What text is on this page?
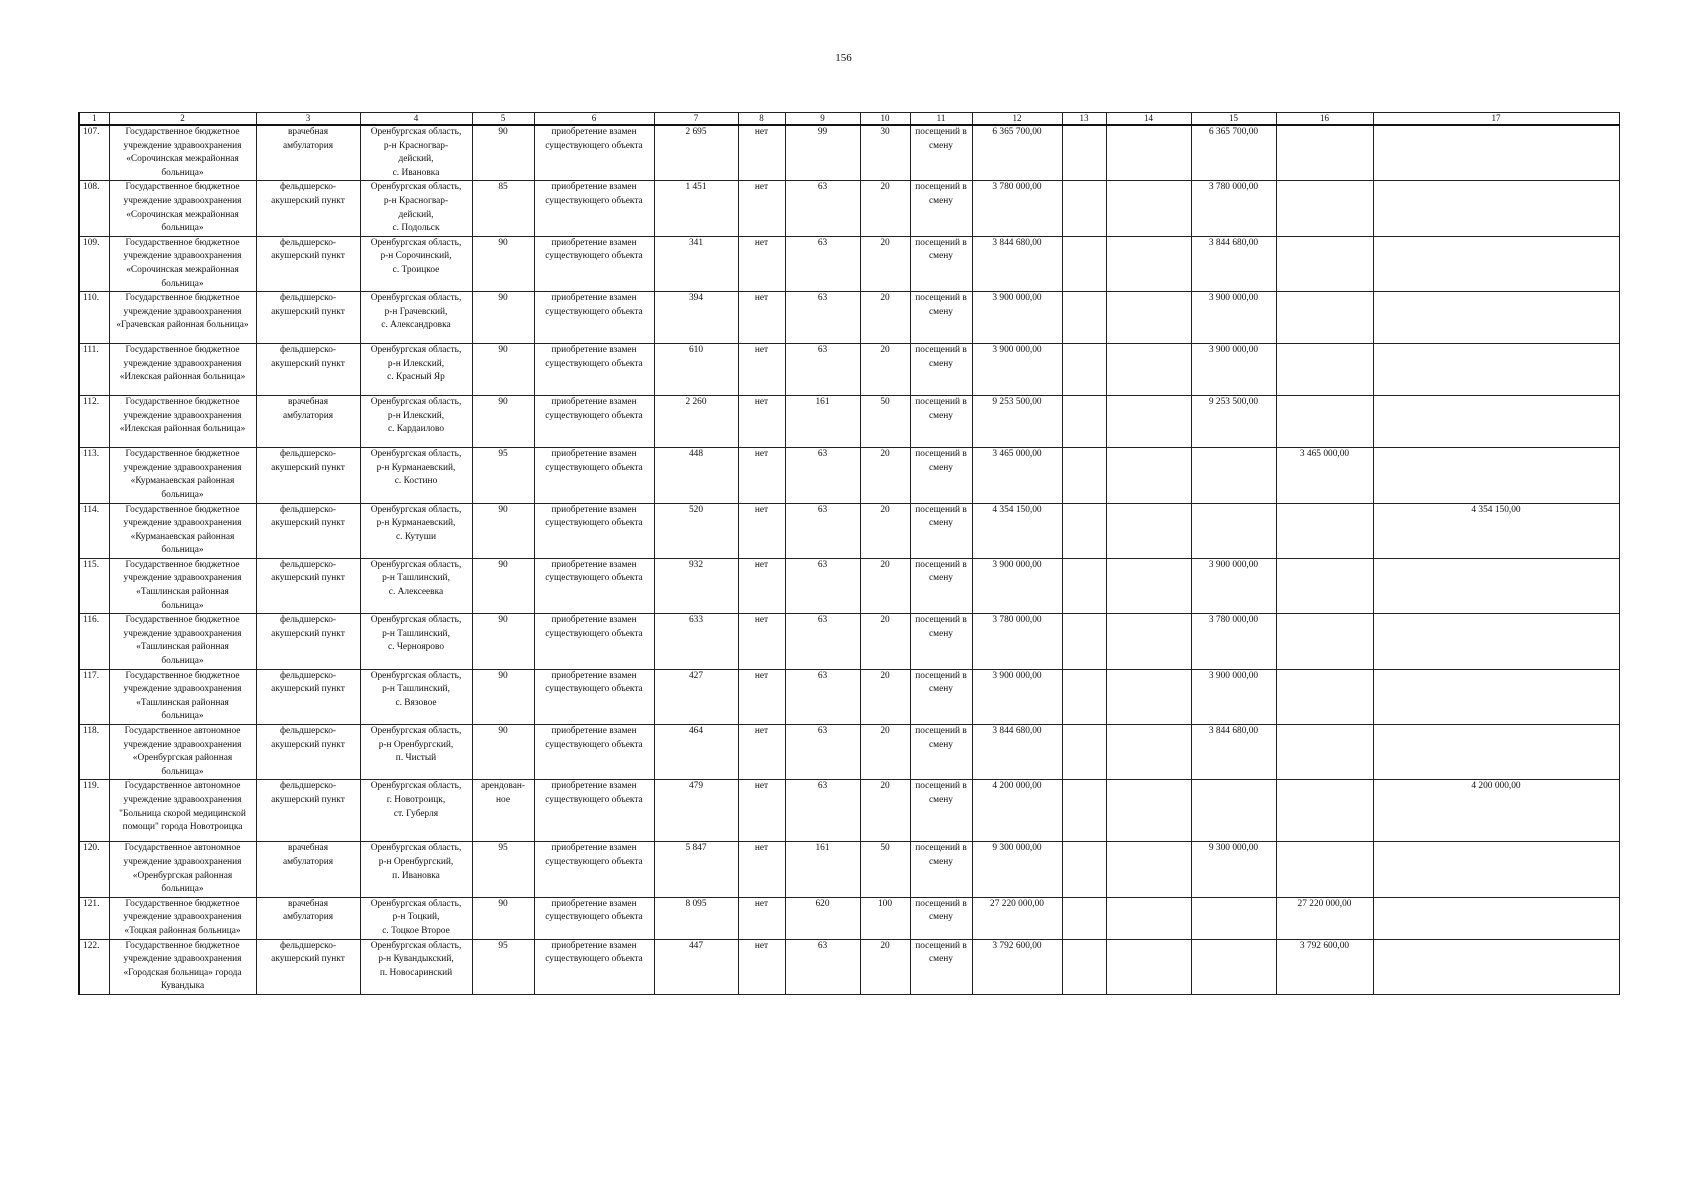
156
1	2	3	4	5	6	7	8	9	10	11	12	13	14	15	16	17
107.	Государственное бюджетное
учреждение здравоохранения
«Сорочинская межрайонная
больница»	врачебная
амбулатория	Оренбургская область,
р-н Красногвар-
дейский,
с. Ивановка	90	приобретение взамен
существующего объекта	2 695	нет	99	30	посещений в
смену	6 365 700,00			6 365 700,00		
108.	Государственное бюджетное
учреждение здравоохранения
«Сорочинская межрайонная
больница»	фельдшерско-
акушерский пункт	Оренбургская область,
р-н Красногвар-
дейский,
с. Подольск	85	приобретение взамен
существующего объекта	1 451	нет	63	20	посещений в
смену	3 780 000,00			3 780 000,00		
109.	Государственное бюджетное
учреждение здравоохранения
«Сорочинская межрайонная
больница»	фельдшерско-
акушерский пункт	Оренбургская область,
р-н Сорочинский,
с. Троицкое	90	приобретение взамен
существующего объекта	341	нет	63	20	посещений в
смену	3 844 680,00			3 844 680,00		
110.	Государственное бюджетное
учреждение здравоохранения
«Грачевская районная больница»	фельдшерско-
акушерский пункт	Оренбургская область,
р-н Грачевский,
с. Александровка	90	приобретение взамен
существующего объекта	394	нет	63	20	посещений в
смену	3 900 000,00			3 900 000,00		
111.	Государственное бюджетное
учреждение здравоохранения
«Илекская районная больница»	фельдшерско-
акушерский пункт	Оренбургская область,
р-н Илекский,
с. Красный Яр	90	приобретение взамен
существующего объекта	610	нет	63	20	посещений в
смену	3 900 000,00			3 900 000,00		
112.	Государственное бюджетное
учреждение здравоохранения
«Илекская районная больница»	врачебная
амбулатория	Оренбургская область,
р-н Илекский,
с. Кардаилово	90	приобретение взамен
существующего объекта	2 260	нет	161	50	посещений в
смену	9 253 500,00			9 253 500,00		
113.	Государственное бюджетное
учреждение здравоохранения
«Курманаевская районная
больница»	фельдшерско-
акушерский пункт	Оренбургская область,
р-н Курманаевский,
с. Костино	95	приобретение взамен
существующего объекта	448	нет	63	20	посещений в
смену	3 465 000,00				3 465 000,00	
114.	Государственное бюджетное
учреждение здравоохранения
«Курманаевская районная
больница»	фельдшерско-
акушерский пункт	Оренбургская область,
р-н Курманаевский,
с. Кутуши	90	приобретение взамен
существующего объекта	520	нет	63	20	посещений в
смену	4 354 150,00					4 354 150,00
115.	Государственное бюджетное
учреждение здравоохранения
«Ташлинская районная
больница»	фельдшерско-
акушерский пункт	Оренбургская область,
р-н Ташлинский,
с. Алексеевка	90	приобретение взамен
существующего объекта	932	нет	63	20	посещений в
смену	3 900 000,00			3 900 000,00		
116.	Государственное бюджетное
учреждение здравоохранения
«Ташлинская районная
больница»	фельдшерско-
акушерский пункт	Оренбургская область,
р-н Ташлинский,
с. Черноярово	90	приобретение взамен
существующего объекта	633	нет	63	20	посещений в
смену	3 780 000,00			3 780 000,00		
117.	Государственное бюджетное
учреждение здравоохранения
«Ташлинская районная
больница»	фельдшерско-
акушерский пункт	Оренбургская область,
р-н Ташлинский,
с. Вязовое	90	приобретение взамен
существующего объекта	427	нет	63	20	посещений в
смену	3 900 000,00			3 900 000,00		
118.	Государственное автономное
учреждение здравоохранения
«Оренбургская районная
больница»	фельдшерско-
акушерский пункт	Оренбургская область,
р-н Оренбургский,
п. Чистый	90	приобретение взамен
существующего объекта	464	нет	63	20	посещений в
смену	3 844 680,00			3 844 680,00		
119.	Государственное автономное
учреждение здравоохранения
"Больница скорой медицинской
помощи" города Новотроицка	фельдшерско-
акушерский пункт	Оренбургская область,
г. Новотроицк,
ст. Губерля	арендован-
ное	приобретение взамен
существующего объекта	479	нет	63	20	посещений в
смену	4 200 000,00					4 200 000,00
120.	Государственное автономное
учреждение здравоохранения
«Оренбургская районная
больница»	врачебная
амбулатория	Оренбургская область,
р-н Оренбургский,
п. Ивановка	95	приобретение взамен
существующего объекта	5 847	нет	161	50	посещений в
смену	9 300 000,00			9 300 000,00		
121.	Государственное бюджетное
учреждение здравоохранения
«Тоцкая районная больница»	врачебная
амбулатория	Оренбургская область,
р-н Тоцкий,
с. Тоцкое Второе	90	приобретение взамен
существующего объекта	8 095	нет	620	100	посещений в
смену	27 220 000,00				27 220 000,00	
122.	Государственное бюджетное
учреждение здравоохранения
«Городская больница» города
Кувандыка	фельдшерско-
акушерский пункт	Оренбургская область,
р-н Кувандыкский,
п. Новосаринский	95	приобретение взамен
существующего объекта	447	нет	63	20	посещений в
смену	3 792 600,00				3 792 600,00	
